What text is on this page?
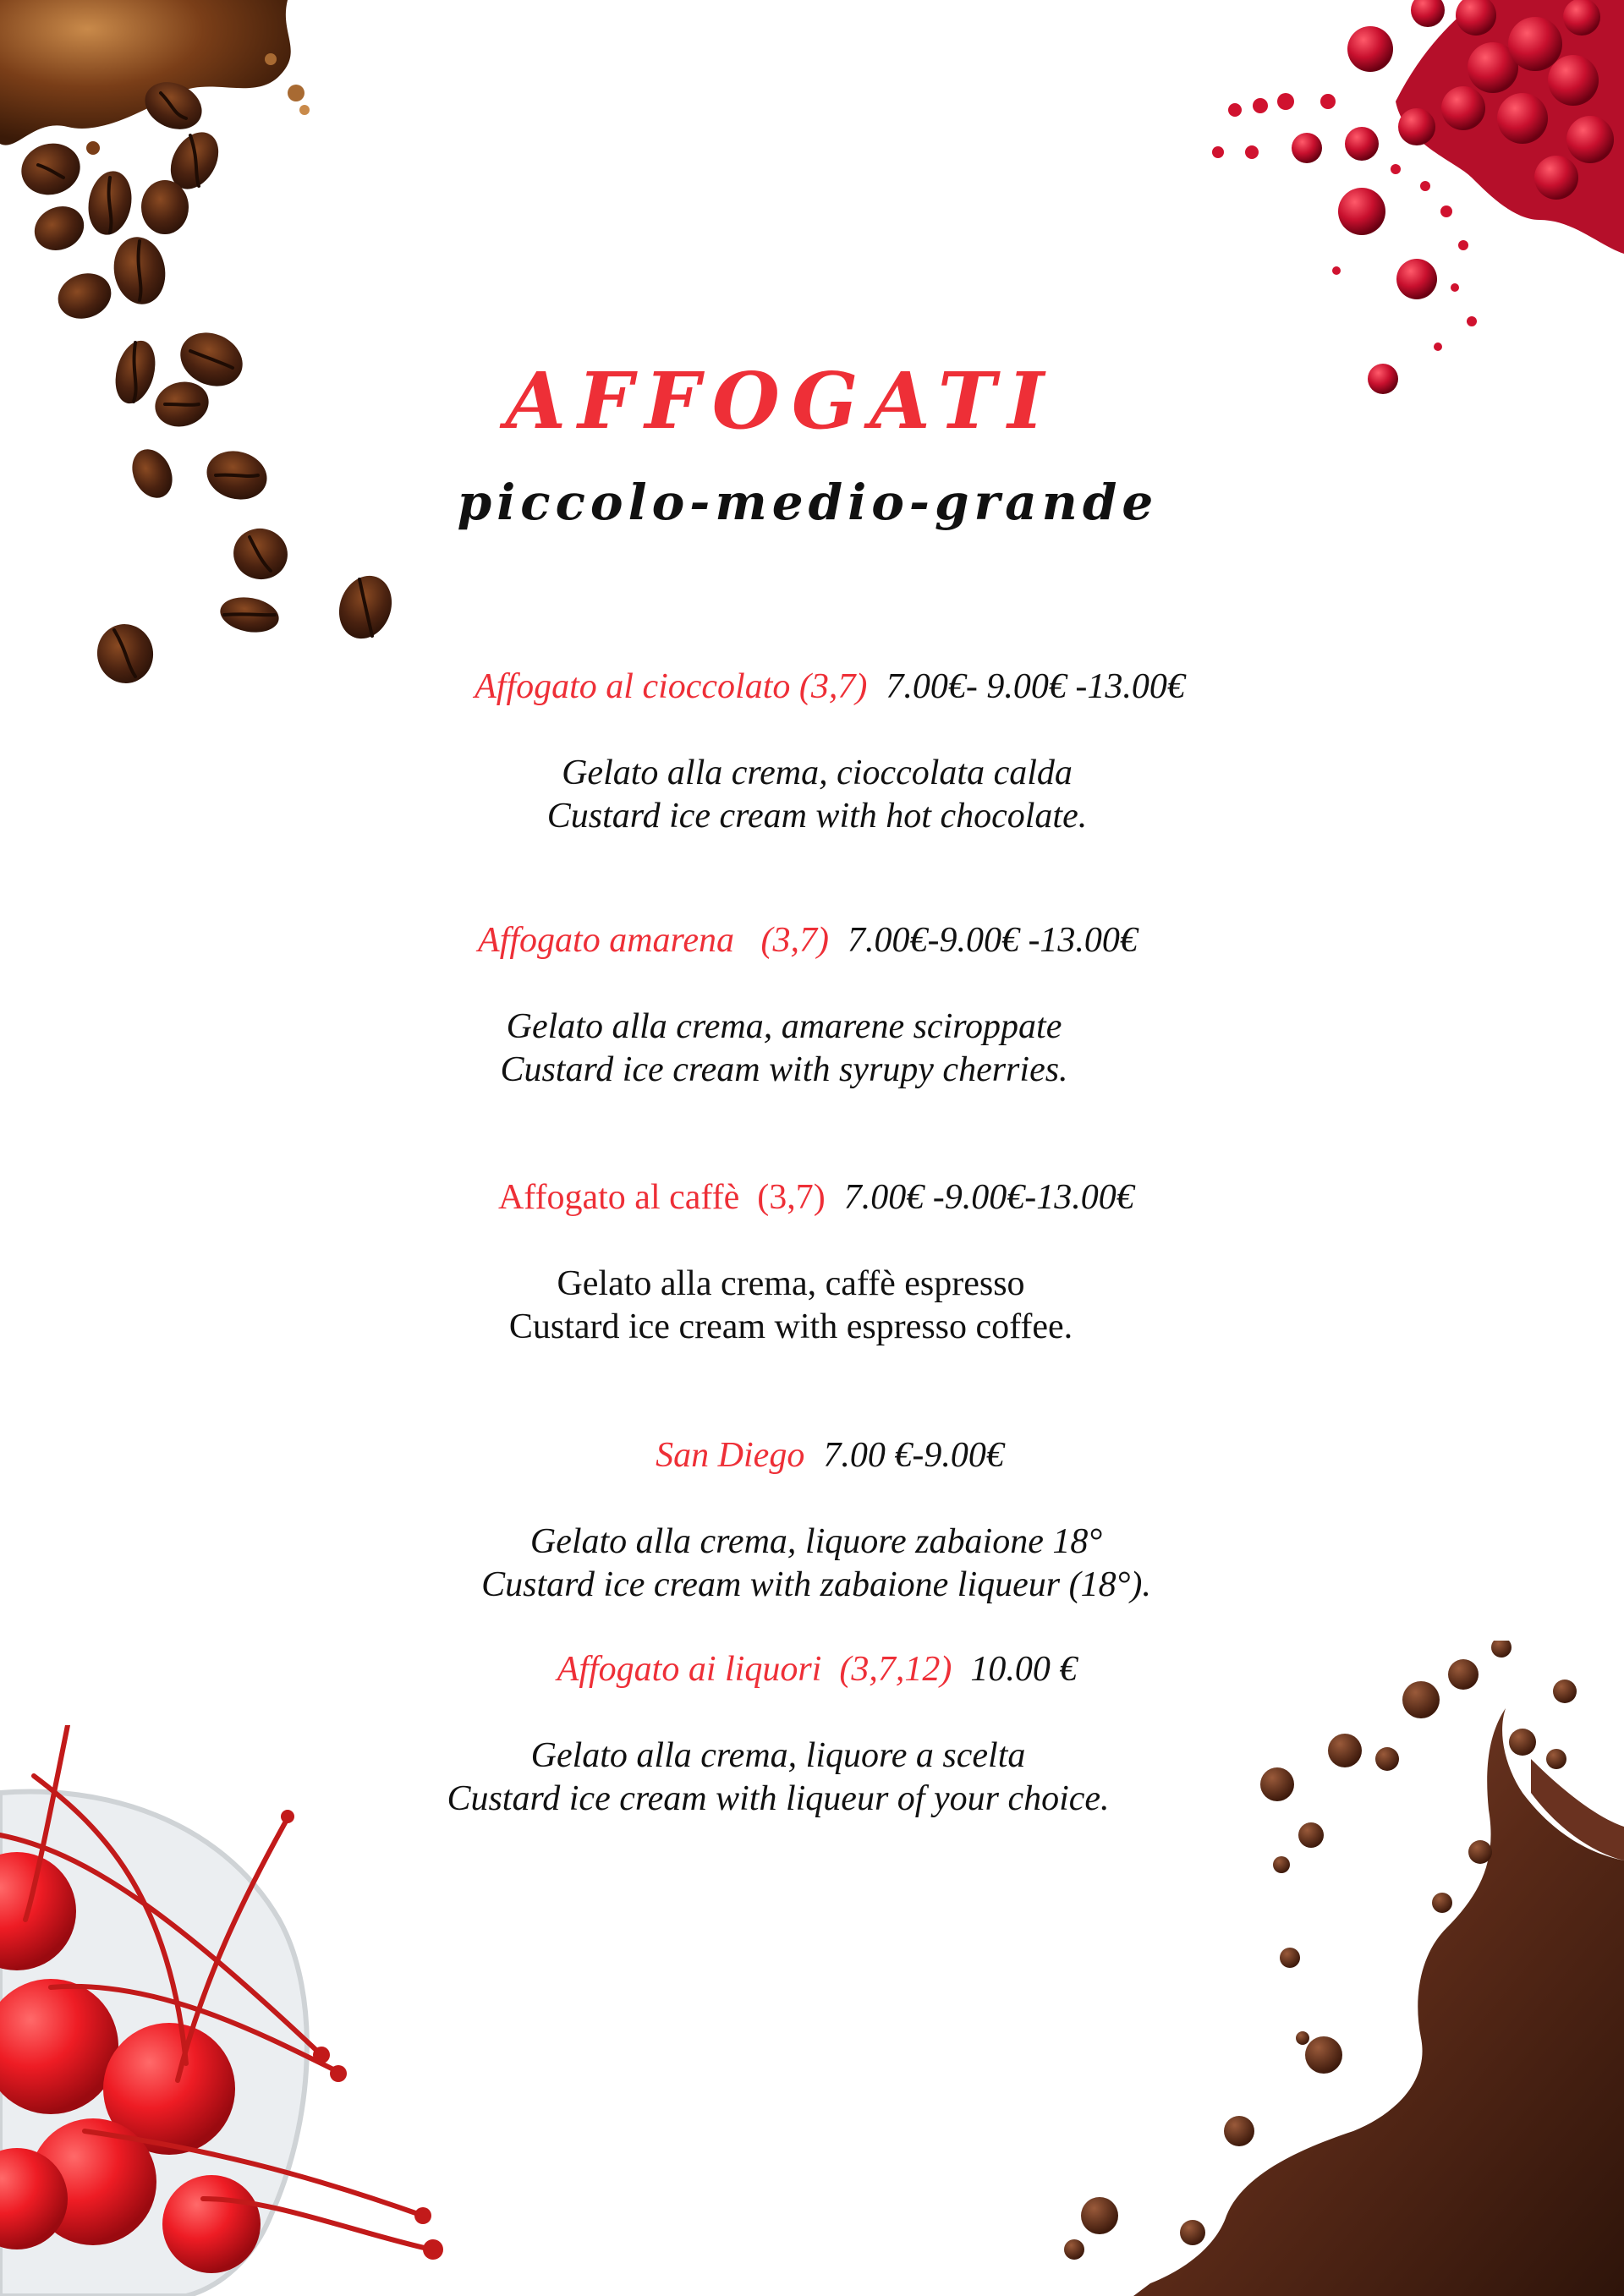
AFFOGATI
piccolo-medio-grande

Affogato al cioccolato (3,7) 7.00€- 9.00€ -13.00€

Gelato alla crema, cioccolata calda
Custard ice cream with hot chocolate.

Affogato amarena   (3,7) 7.00€-9.00€ -13.00€

Gelato alla crema, amarene sciroppate
Custard ice cream with syrupy cherries.

Affogato al caffè  (3,7) 7.00€ -9.00€-13.00€

Gelato alla crema, caffè espresso
Custard ice cream with espresso coffee.

San Diego 7.00 €-9.00€

Gelato alla crema, liquore zabaione 18°
Custard ice cream with zabaione liqueur (18°).

Affogato ai liquori  (3,7,12) 10.00 €

Gelato alla crema, liquore a scelta
Custard ice cream with liqueur of your choice.
